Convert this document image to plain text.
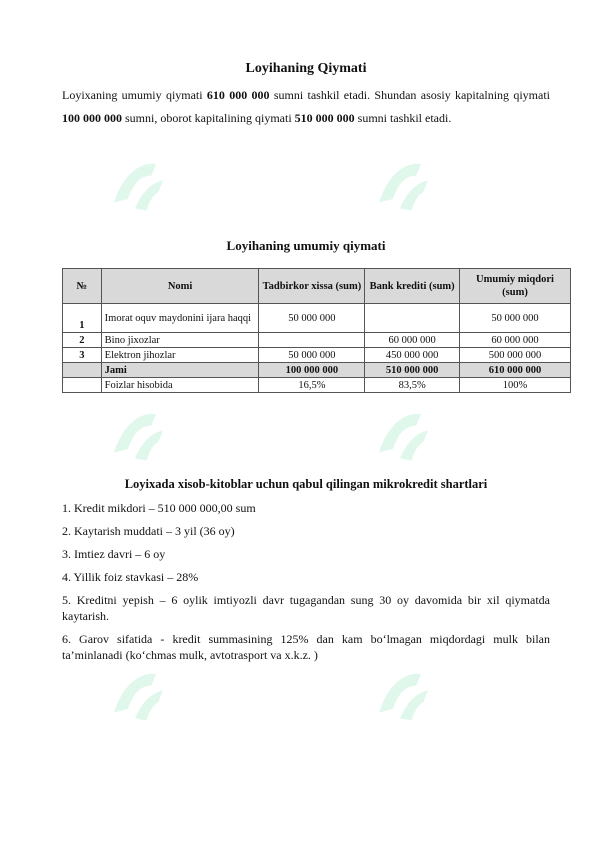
Loyihaning Qiymati

Loyixaning umumiy qiymati 610 000 000 sumni tashkil etadi. Shundan asosiy kapitalning qiymati 100 000 000 sumni, oborot kapitalining qiymati 510 000 000 sumni tashkil etadi.

Loyihaning umumiy qiymati
№	Nomi	Tadbirkor xissa (sum)	Bank krediti (sum)	Umumiy miqdori (sum)
1	Imorat oquv maydonini ijara haqqi	50 000 000		50 000 000
2	Bino jixozlar		60 000 000	60 000 000
3	Elektron jihozlar	50 000 000	450 000 000	500 000 000
	Jami	100 000 000	510 000 000	610 000 000
	Foizlar hisobida	16,5%	83,5%	100%
Loyixada xisob-kitoblar uchun qabul qilingan mikrokredit shartlari

1. Kredit mikdori – 510 000 000,00 sum

2. Kaytarish muddati – 3 yil (36 oy)

3. Imtiez davri – 6 oy

4. Yillik foiz stavkasi – 28%

5. Kreditni yepish – 6 oylik imtiyozli davr tugagandan sung 30 oy davomida bir xil qiymatda kaytarish.

6. Garov sifatida - kredit summasining 125% dan kam bo‘lmagan miqdordagi mulk bilan ta’minlanadi (ko‘chmas mulk, avtotrasport va x.k.z. )
